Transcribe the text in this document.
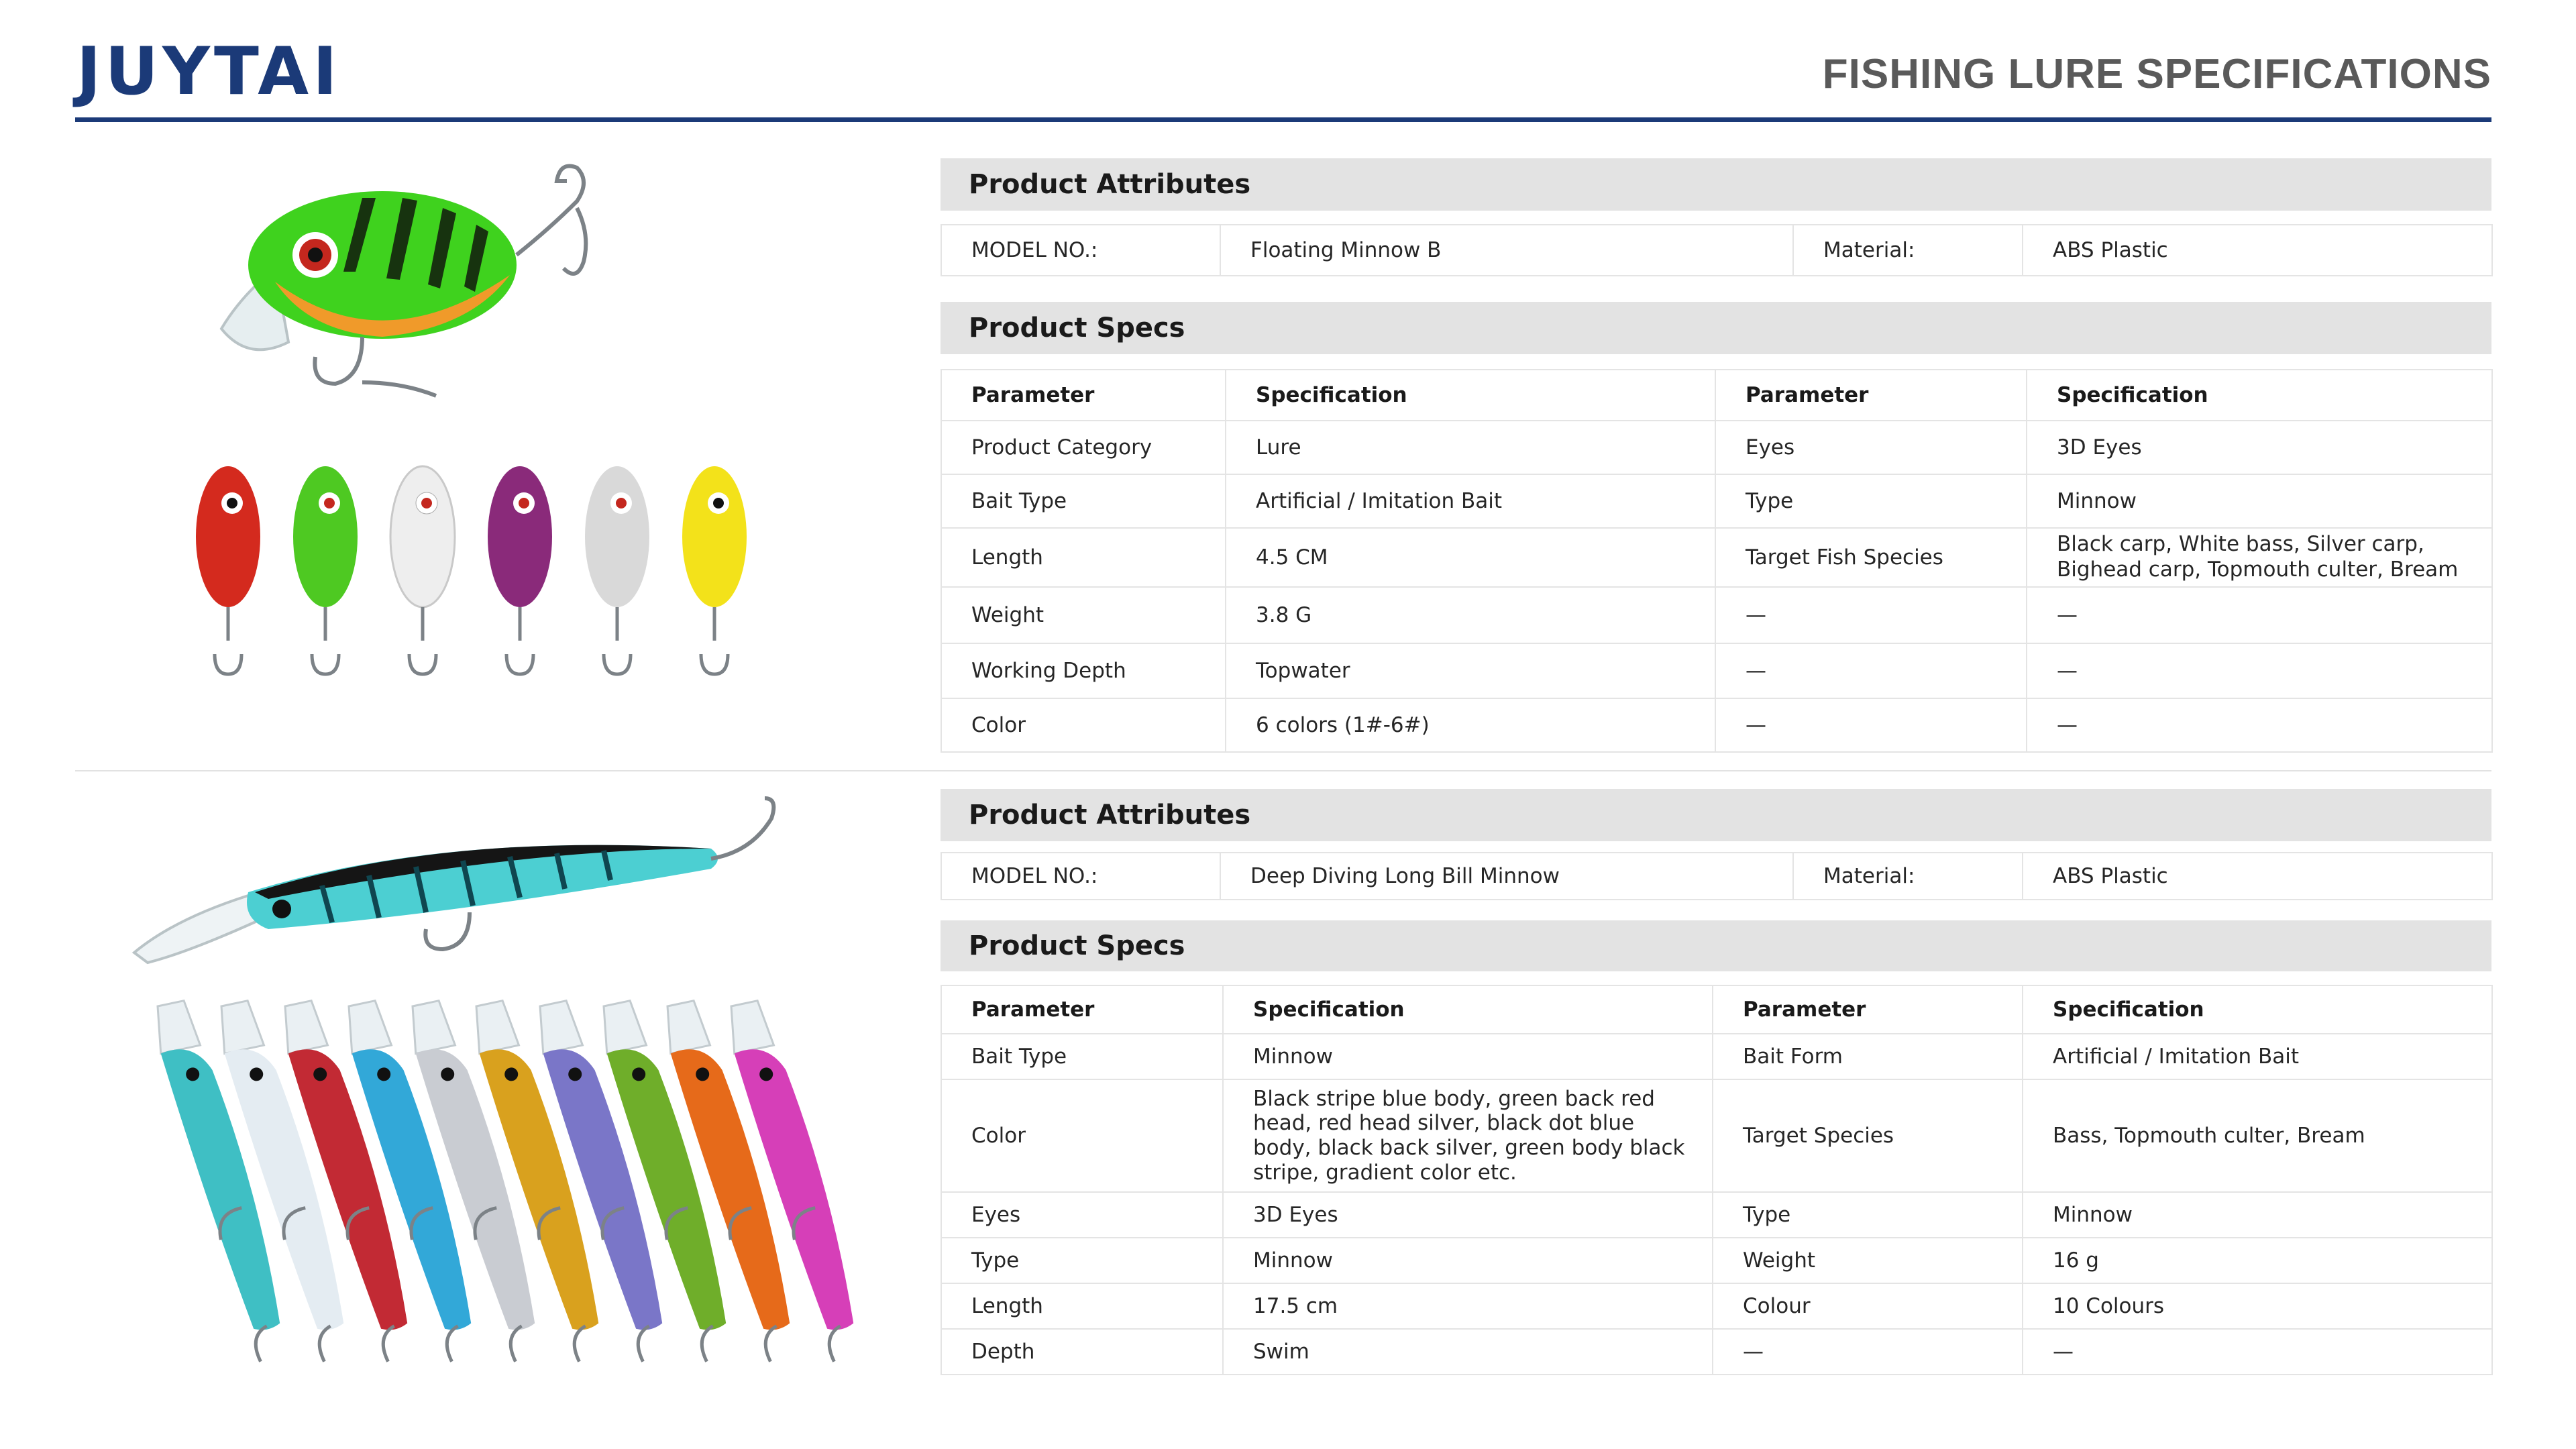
JUYTAI	FISHING LURE SPECIFICATIONS
Product Attributes
MODEL NO.:	Floating Minnow B	Material:	ABS Plastic
Product Specs
Parameter	Specification	Parameter	Specification
Product Category	Lure	Eyes	3D Eyes
Bait Type	Artificial / Imitation Bait	Type	Minnow
Length	4.5 CM	Target Fish Species	Black carp, White bass, Silver carp, Bighead carp, Topmouth culter, Bream
Weight	3.8 G	—	—
Working Depth	Topwater	—	—
Color	6 colors (1#-6#)	—	—
Product Attributes
MODEL NO.:	Deep Diving Long Bill Minnow	Material:	ABS Plastic
Product Specs
Parameter	Specification	Parameter	Specification
Bait Type	Minnow	Bait Form	Artificial / Imitation Bait
Color	Black stripe blue body, green back red head, red head silver, black dot blue body, black back silver, green body black stripe, gradient color etc.	Target Species	Bass, Topmouth culter, Bream
Eyes	3D Eyes	Type	Minnow
Type	Minnow	Weight	16 g
Length	17.5 cm	Colour	10 Colours
Depth	Swim	—	—
